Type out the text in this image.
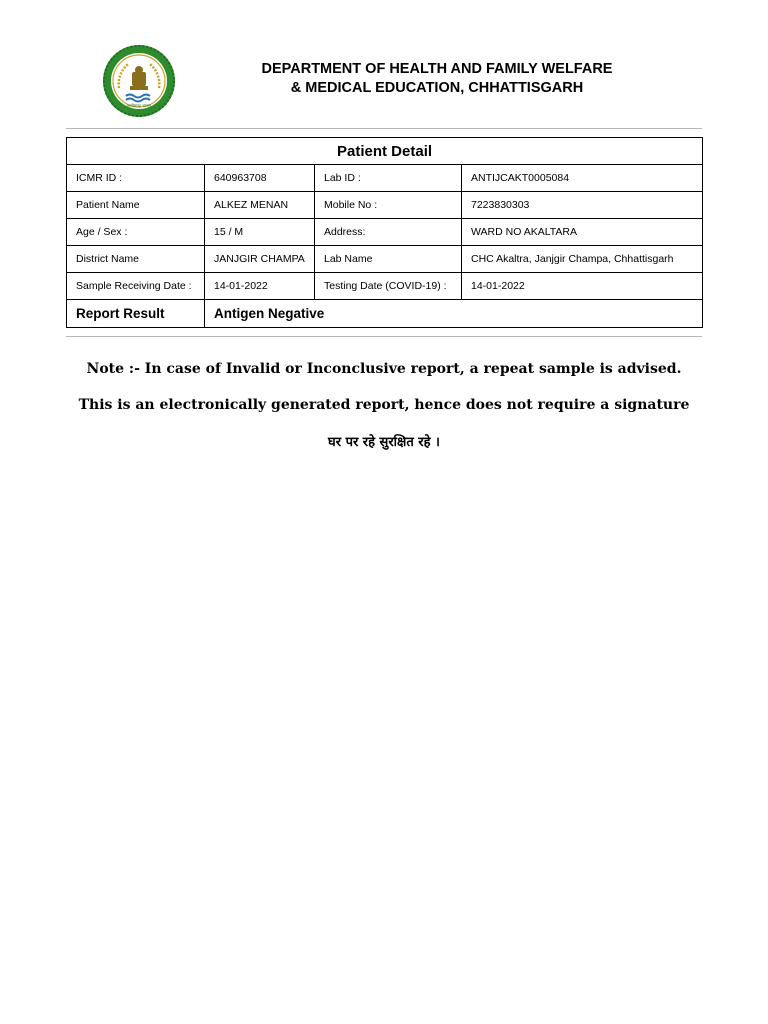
छत्तीसगढ़ शासन
DEPARTMENT OF HEALTH AND FAMILY WELFARE
& MEDICAL EDUCATION, CHHATTISGARH
Patient Detail			
ICMR ID :	640963708	Lab ID :	ANTIJCAKT0005084
Patient Name	ALKEZ MENAN	Mobile No :	7223830303
Age / Sex :	15 / M	Address:	WARD NO AKALTARA
District Name	JANJGIR CHAMPA	Lab Name	CHC Akaltra, Janjgir Champa, Chhattisgarh
Sample Receiving Date :	14-01-2022	Testing Date (COVID-19) :	14-01-2022
Report Result	Antigen Negative		
Note :- In case of Invalid or Inconclusive report, a repeat sample is advised.
This is an electronically generated report, hence does not require a signature
घर पर रहे सुरक्षित रहे ।
